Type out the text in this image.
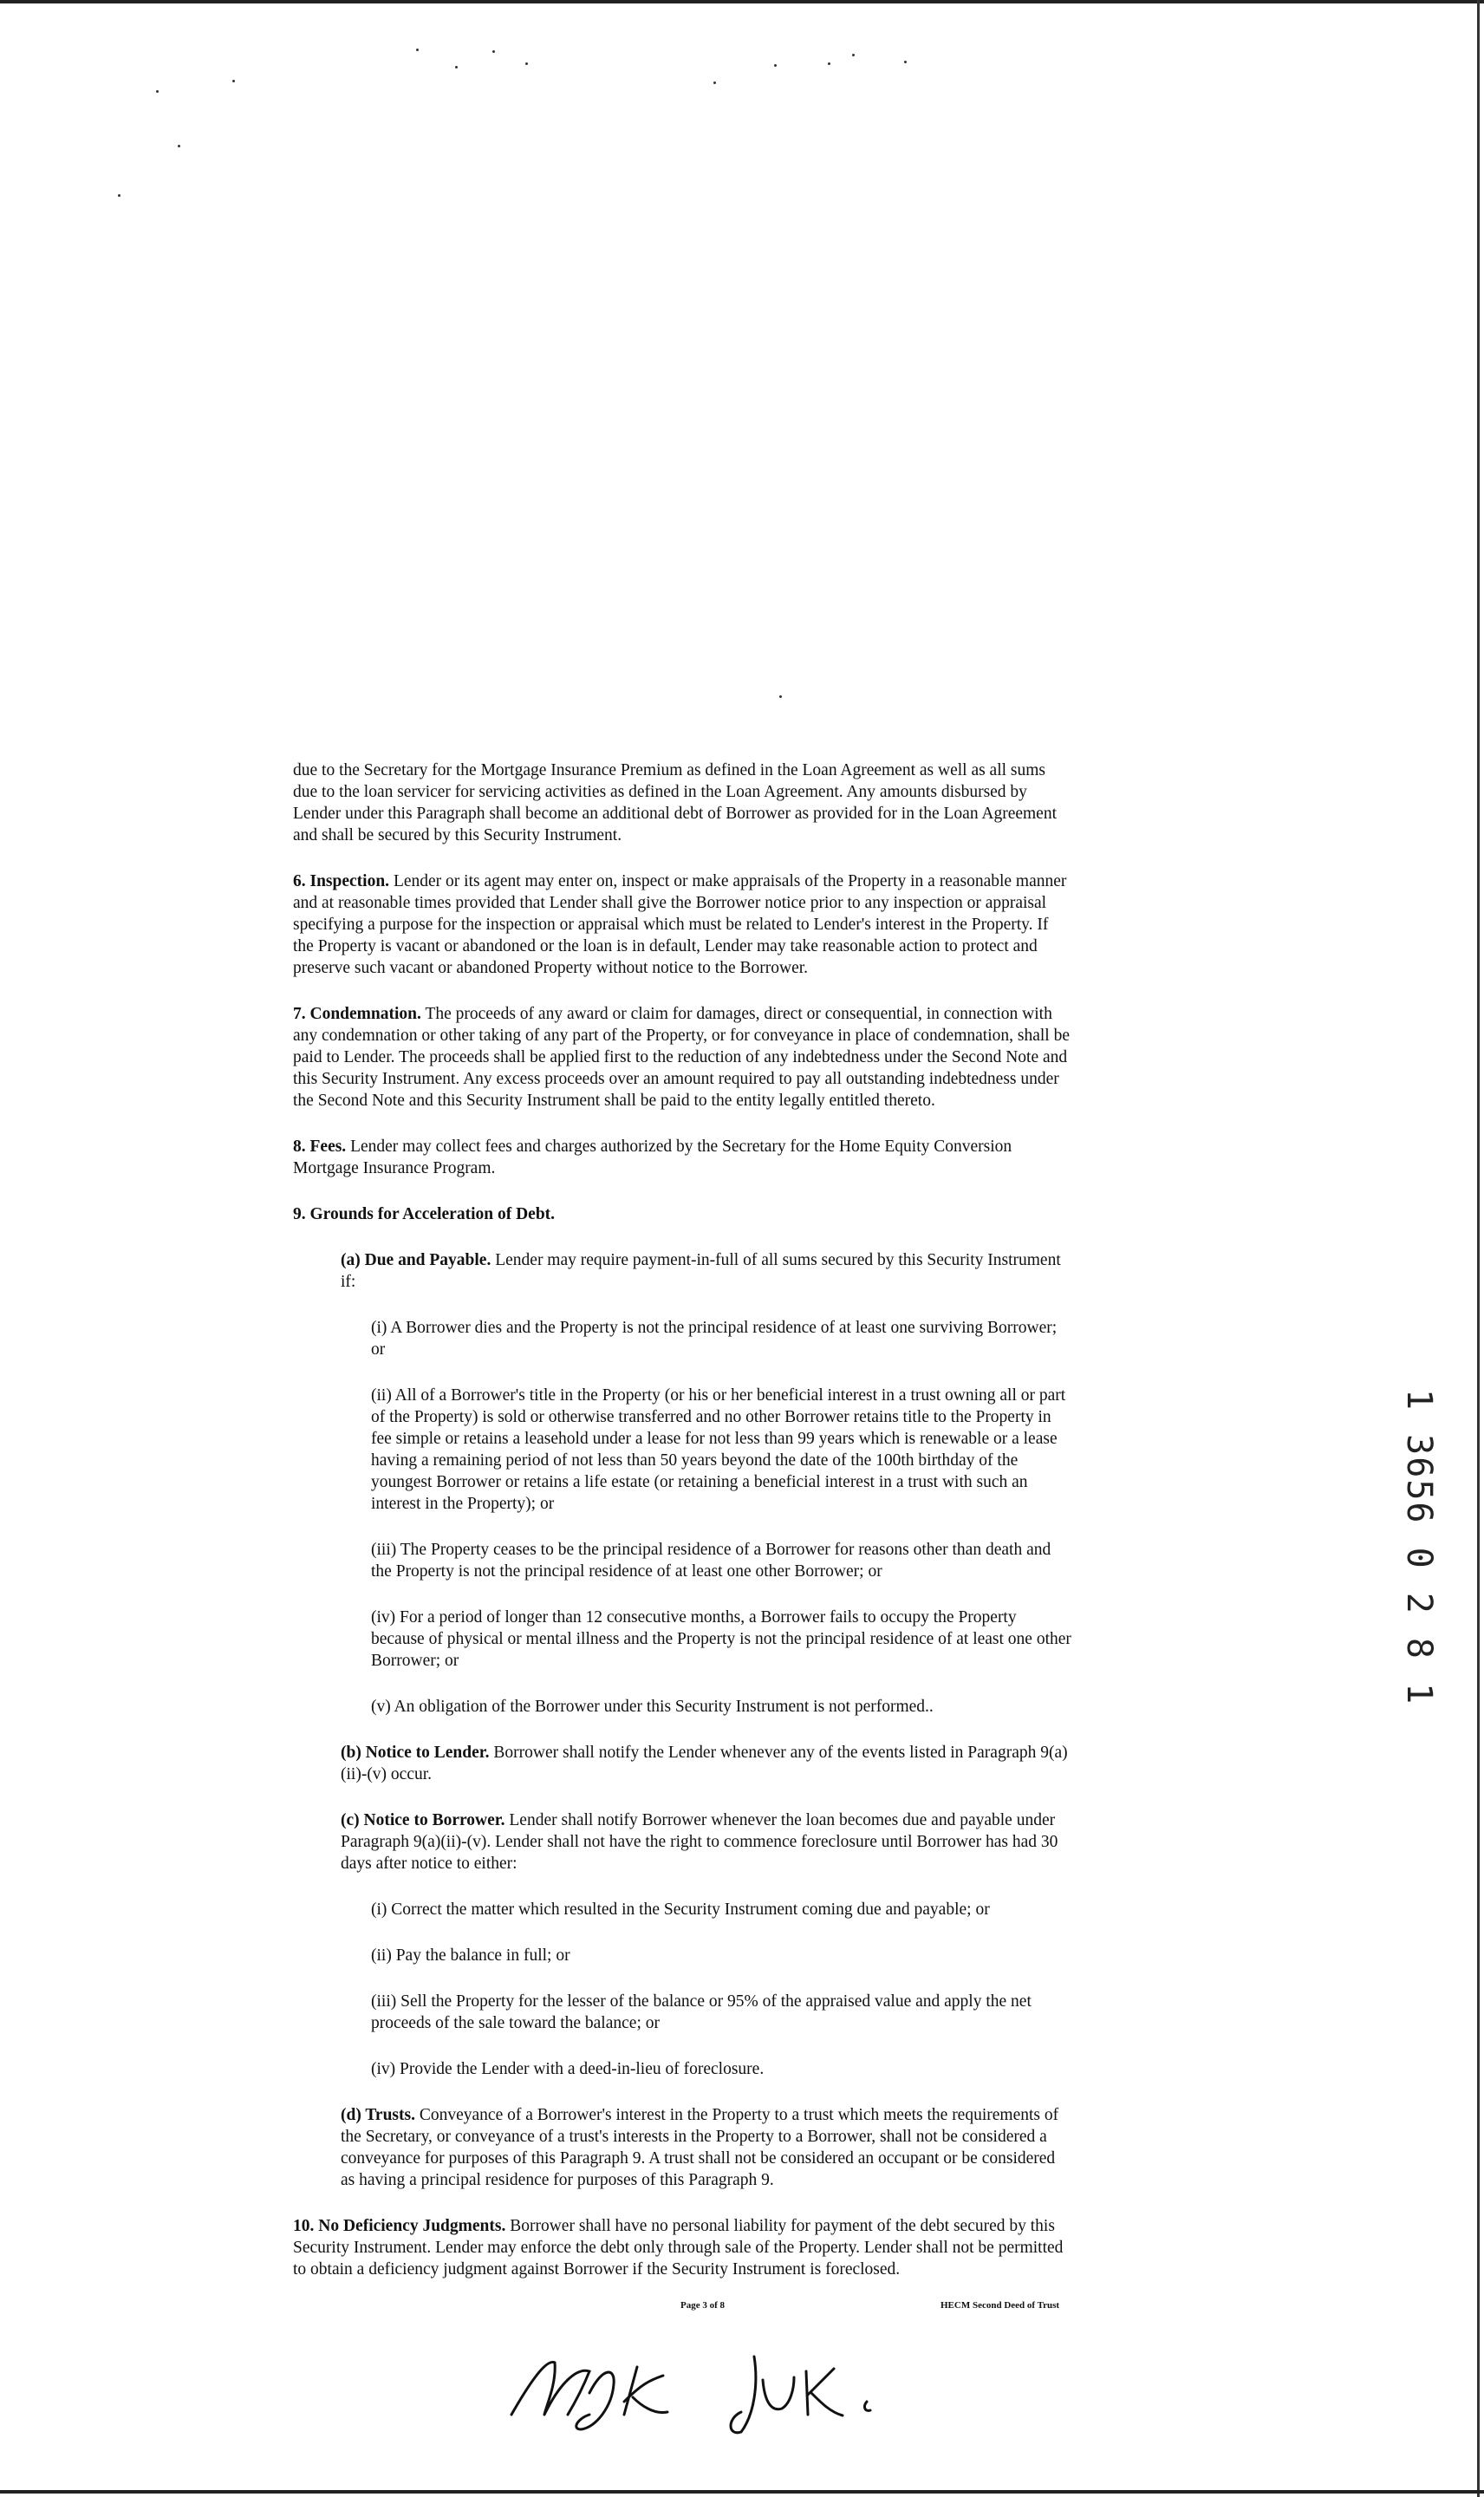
due to the Secretary for the Mortgage Insurance Premium as defined in the Loan Agreement as well as all sums due to the loan servicer for servicing activities as defined in the Loan Agreement. Any amounts disbursed by Lender under this Paragraph shall become an additional debt of Borrower as provided for in the Loan Agreement and shall be secured by this Security Instrument.

6. Inspection. Lender or its agent may enter on, inspect or make appraisals of the Property in a reasonable manner and at reasonable times provided that Lender shall give the Borrower notice prior to any inspection or appraisal specifying a purpose for the inspection or appraisal which must be related to Lender's interest in the Property. If the Property is vacant or abandoned or the loan is in default, Lender may take reasonable action to protect and preserve such vacant or abandoned Property without notice to the Borrower.

7. Condemnation. The proceeds of any award or claim for damages, direct or consequential, in connection with any condemnation or other taking of any part of the Property, or for conveyance in place of condemnation, shall be paid to Lender. The proceeds shall be applied first to the reduction of any indebtedness under the Second Note and this Security Instrument. Any excess proceeds over an amount required to pay all outstanding indebtedness under the Second Note and this Security Instrument shall be paid to the entity legally entitled thereto.

8. Fees. Lender may collect fees and charges authorized by the Secretary for the Home Equity Conversion Mortgage Insurance Program.

9. Grounds for Acceleration of Debt.

(a) Due and Payable. Lender may require payment-in-full of all sums secured by this Security Instrument if:

(i) A Borrower dies and the Property is not the principal residence of at least one surviving Borrower; or

(ii) All of a Borrower's title in the Property (or his or her beneficial interest in a trust owning all or part of the Property) is sold or otherwise transferred and no other Borrower retains title to the Property in fee simple or retains a leasehold under a lease for not less than 99 years which is renewable or a lease having a remaining period of not less than 50 years beyond the date of the 100th birthday of the youngest Borrower or retains a life estate (or retaining a beneficial interest in a trust with such an interest in the Property); or

(iii) The Property ceases to be the principal residence of a Borrower for reasons other than death and the Property is not the principal residence of at least one other Borrower; or

(iv) For a period of longer than 12 consecutive months, a Borrower fails to occupy the Property because of physical or mental illness and the Property is not the principal residence of at least one other Borrower; or

(v) An obligation of the Borrower under this Security Instrument is not performed..

(b) Notice to Lender. Borrower shall notify the Lender whenever any of the events listed in Paragraph 9(a)(ii)-(v) occur.

(c) Notice to Borrower. Lender shall notify Borrower whenever the loan becomes due and payable under Paragraph 9(a)(ii)-(v). Lender shall not have the right to commence foreclosure until Borrower has had 30 days after notice to either:

(i) Correct the matter which resulted in the Security Instrument coming due and payable; or

(ii) Pay the balance in full; or

(iii) Sell the Property for the lesser of the balance or 95% of the appraised value and apply the net proceeds of the sale toward the balance; or

(iv) Provide the Lender with a deed-in-lieu of foreclosure.

(d) Trusts. Conveyance of a Borrower's interest in the Property to a trust which meets the requirements of the Secretary, or conveyance of a trust's interests in the Property to a Borrower, shall not be considered a conveyance for purposes of this Paragraph 9. A trust shall not be considered an occupant or be considered as having a principal residence for purposes of this Paragraph 9.

10. No Deficiency Judgments. Borrower shall have no personal liability for payment of the debt secured by this Security Instrument. Lender may enforce the debt only through sale of the Property. Lender shall not be permitted to obtain a deficiency judgment against Borrower if the Security Instrument is foreclosed.

Page 3 of 8	HECM Second Deed of Trust
1 3656 0 2 8 1
